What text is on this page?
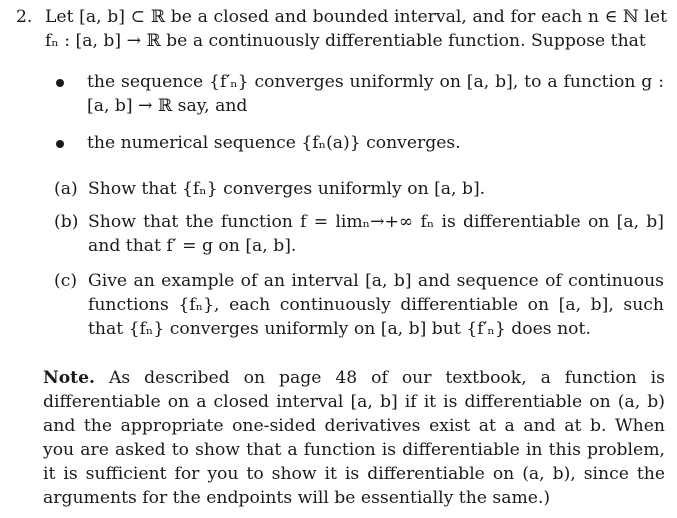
2. Let [a, b] ⊂ ℝ be a closed and bounded interval, and for each n ∈ ℕ let fₙ : [a, b] → ℝ be a continuously differentiable function. Suppose that
the sequence {f′ₙ} converges uniformly on [a, b], to a function g : [a, b] → ℝ say, and
the numerical sequence {fₙ(a)} converges.
(a) Show that {fₙ} converges uniformly on [a, b].
(b) Show that the function f = limₙ→+∞ fₙ is differentiable on [a, b] and that f′ = g on [a, b].
(c) Give an example of an interval [a, b] and sequence of continuous functions {fₙ}, each continuously differentiable on [a, b], such that {fₙ} converges uniformly on [a, b] but {f′ₙ} does not.
Note. As described on page 48 of our textbook, a function is differentiable on a closed interval [a, b] if it is differentiable on (a, b) and the appropriate one-sided derivatives exist at a and at b. When you are asked to show that a function is differentiable in this problem, it is sufficient for you to show it is differentiable on (a, b), since the arguments for the endpoints will be essentially the same.)
